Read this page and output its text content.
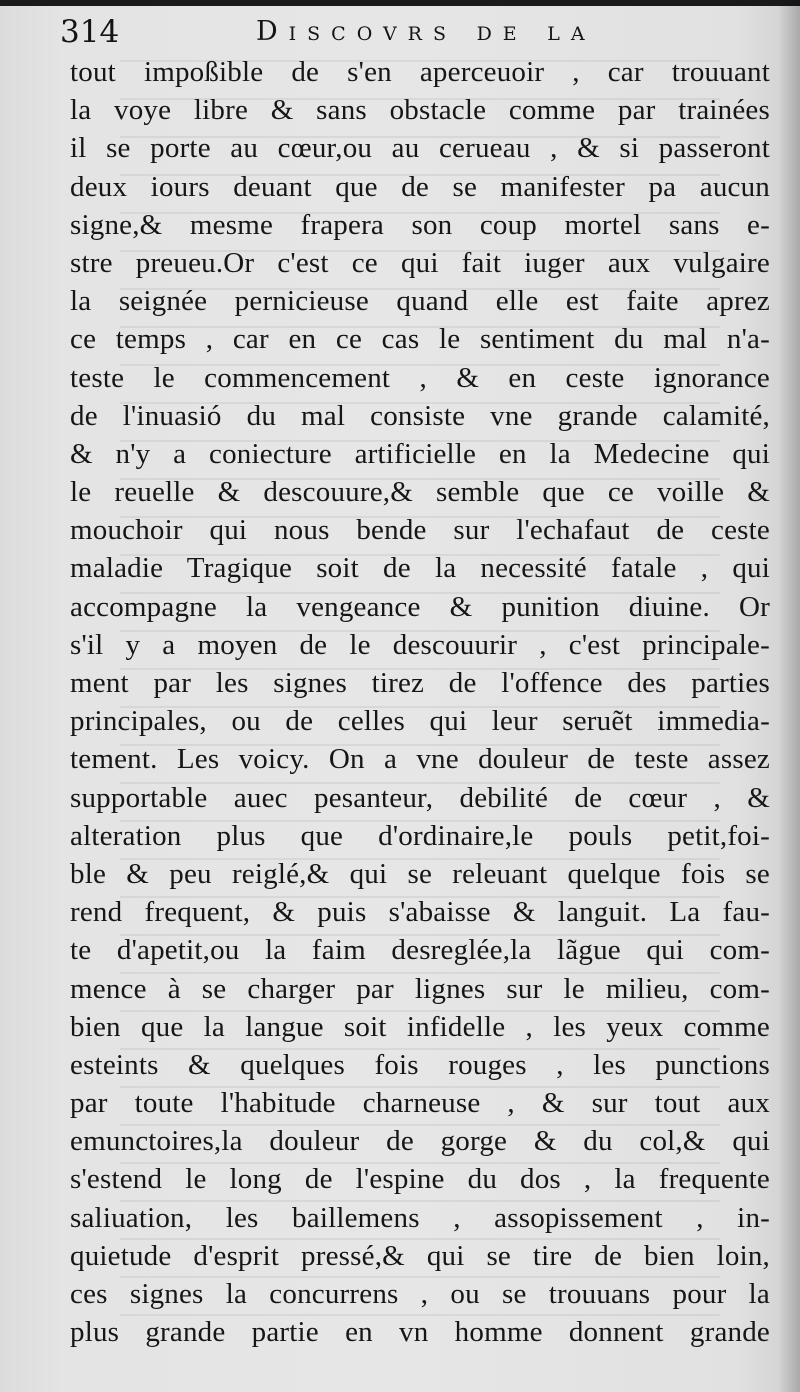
314	Discovrs de la
tout impoßible de s'en aperceuoir , car trouuant
la voye libre & sans obstacle comme par trainées
il se porte au cœur,ou au cerueau , & si passeront
deux iours deuant que de se manifester pa aucun
signe,& mesme frapera son coup mortel sans e-
stre preueu.Or c'est ce qui fait iuger aux vulgaire
la seignée pernicieuse quand elle est faite aprez
ce temps , car en ce cas le sentiment du mal n'a-
teste le commencement , & en ceste ignorance
de l'inuasió du mal consiste vne grande calamité,
& n'y a coniecture artificielle en la Medecine qui
le reuelle & descouure,& semble que ce voille &
mouchoir qui nous bende sur l'echafaut de ceste
maladie Tragique soit de la necessité fatale , qui
accompagne la vengeance & punition diuine. Or
s'il y a moyen de le descouurir , c'est principale-
ment par les signes tirez de l'offence des parties
principales, ou de celles qui leur seruẽt immedia-
tement. Les voicy. On a vne douleur de teste assez
supportable auec pesanteur, debilité de cœur , &
alteration plus que d'ordinaire,le pouls petit,foi-
ble & peu reiglé,& qui se releuant quelque fois se
rend frequent, & puis s'abaisse & languit. La fau-
te d'apetit,ou la faim desreglée,la lãgue qui com-
mence à se charger par lignes sur le milieu, com-
bien que la langue soit infidelle , les yeux comme
esteints & quelques fois rouges , les punctions
par toute l'habitude charneuse , & sur tout aux
emunctoires,la douleur de gorge & du col,& qui
s'estend le long de l'espine du dos , la frequente
saliuation, les baillemens , assopissement , in-
quietude d'esprit pressé,& qui se tire de bien loin,
ces signes la concurrens , ou se trouuans pour la
plus grande partie en vn homme donnent grande
